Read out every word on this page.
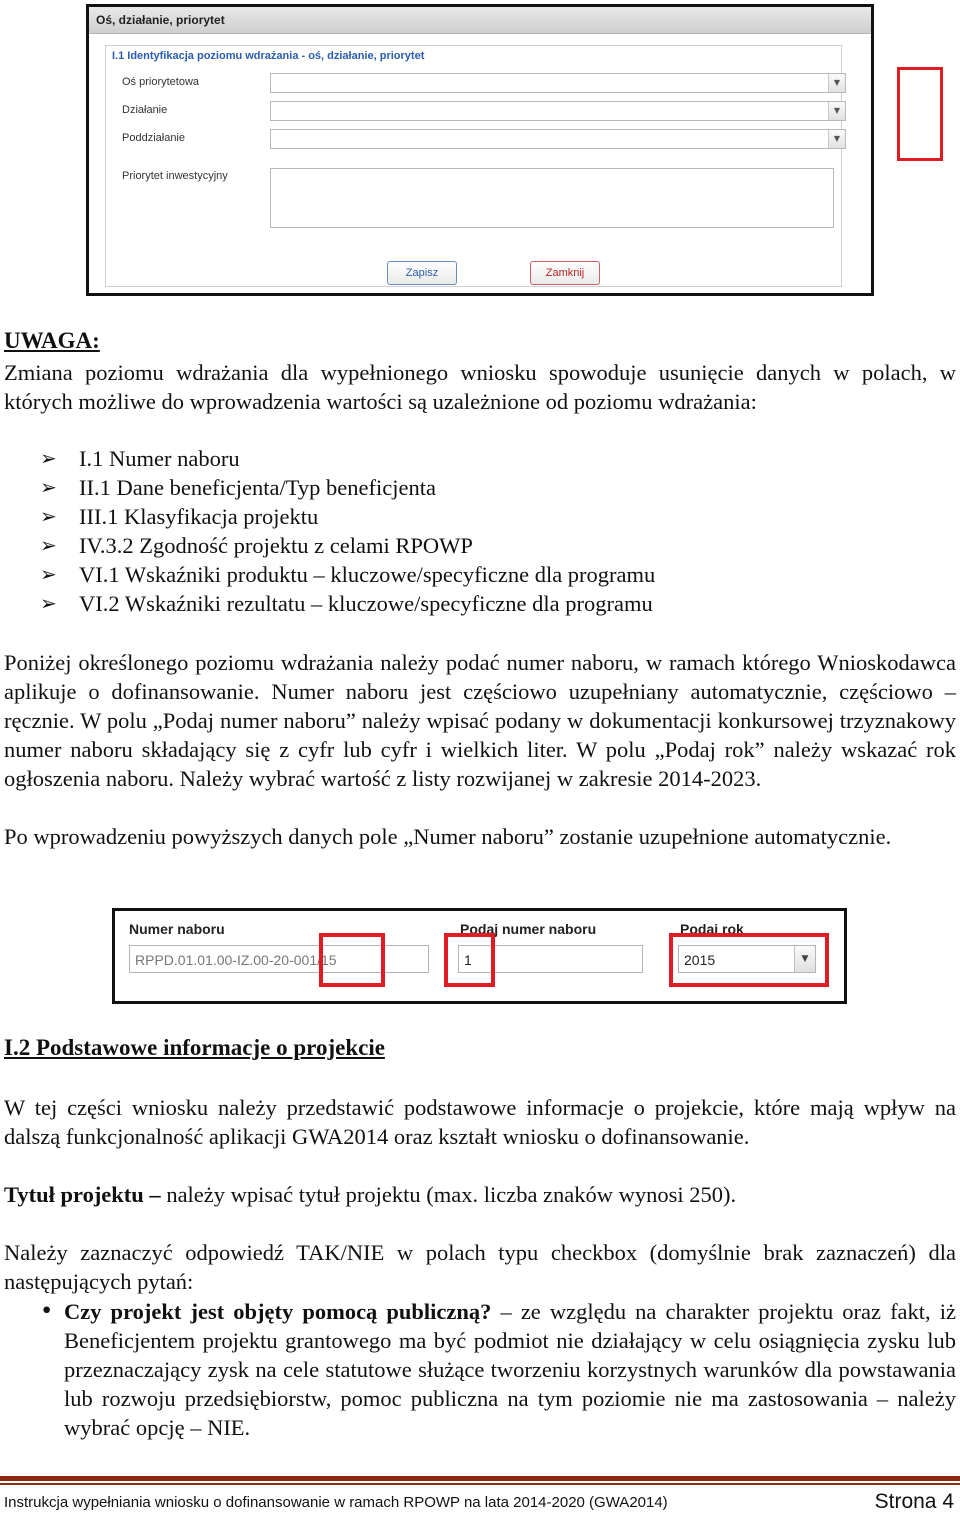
Oś, działanie, priorytet
I.1 Identyfikacja poziomu wdrażania - oś, działanie, priorytet
Oś priorytetowa	▼
Działanie	▼
Poddziałanie	▼
Priorytet inwestycyjny
Zapisz	Zamknij
UWAGA:
Zmiana poziomu wdrażania dla wypełnionego wniosku spowoduje usunięcie danych w polach, w których możliwe do wprowadzenia wartości są uzależnione od poziomu wdrażania:
➢ I.1 Numer naboru
➢ II.1 Dane beneficjenta/Typ beneficjenta
➢ III.1 Klasyfikacja projektu
➢ IV.3.2 Zgodność projektu z celami RPOWP
➢ VI.1 Wskaźniki produktu – kluczowe/specyficzne dla programu
➢ VI.2 Wskaźniki rezultatu – kluczowe/specyficzne dla programu
Poniżej określonego poziomu wdrażania należy podać numer naboru, w ramach którego Wnioskodawca aplikuje o dofinansowanie. Numer naboru jest częściowo uzupełniany automatycznie, częściowo – ręcznie. W polu „Podaj numer naboru” należy wpisać podany w dokumentacji konkursowej trzyznakowy numer naboru składający się z cyfr lub cyfr i wielkich liter. W polu „Podaj rok” należy wskazać rok ogłoszenia naboru. Należy wybrać wartość z listy rozwijanej w zakresie 2014-2023.
Po wprowadzeniu powyższych danych pole „Numer naboru” zostanie uzupełnione automatycznie.
Numer naboru
RPPD.01.01.00-IZ.00-20-001/15
Podaj numer naboru
1
Podaj rok
2015	▼
I.2 Podstawowe informacje o projekcie
W tej części wniosku należy przedstawić podstawowe informacje o projekcie, które mają wpływ na dalszą funkcjonalność aplikacji GWA2014 oraz kształt wniosku o dofinansowanie.
Tytuł projektu – należy wpisać tytuł projektu (max. liczba znaków wynosi 250).
Należy zaznaczyć odpowiedź TAK/NIE w polach typu checkbox (domyślnie brak zaznaczeń) dla następujących pytań:
• Czy projekt jest objęty pomocą publiczną? – ze względu na charakter projektu oraz fakt, iż Beneficjentem projektu grantowego ma być podmiot nie działający w celu osiągnięcia zysku lub przeznaczający zysk na cele statutowe służące tworzeniu korzystnych warunków dla powstawania lub rozwoju przedsiębiorstw, pomoc publiczna na tym poziomie nie ma zastosowania – należy wybrać opcję – NIE.
Instrukcja wypełniania wniosku o dofinansowanie w ramach RPOWP na lata 2014-2020 (GWA2014)	Strona 4
